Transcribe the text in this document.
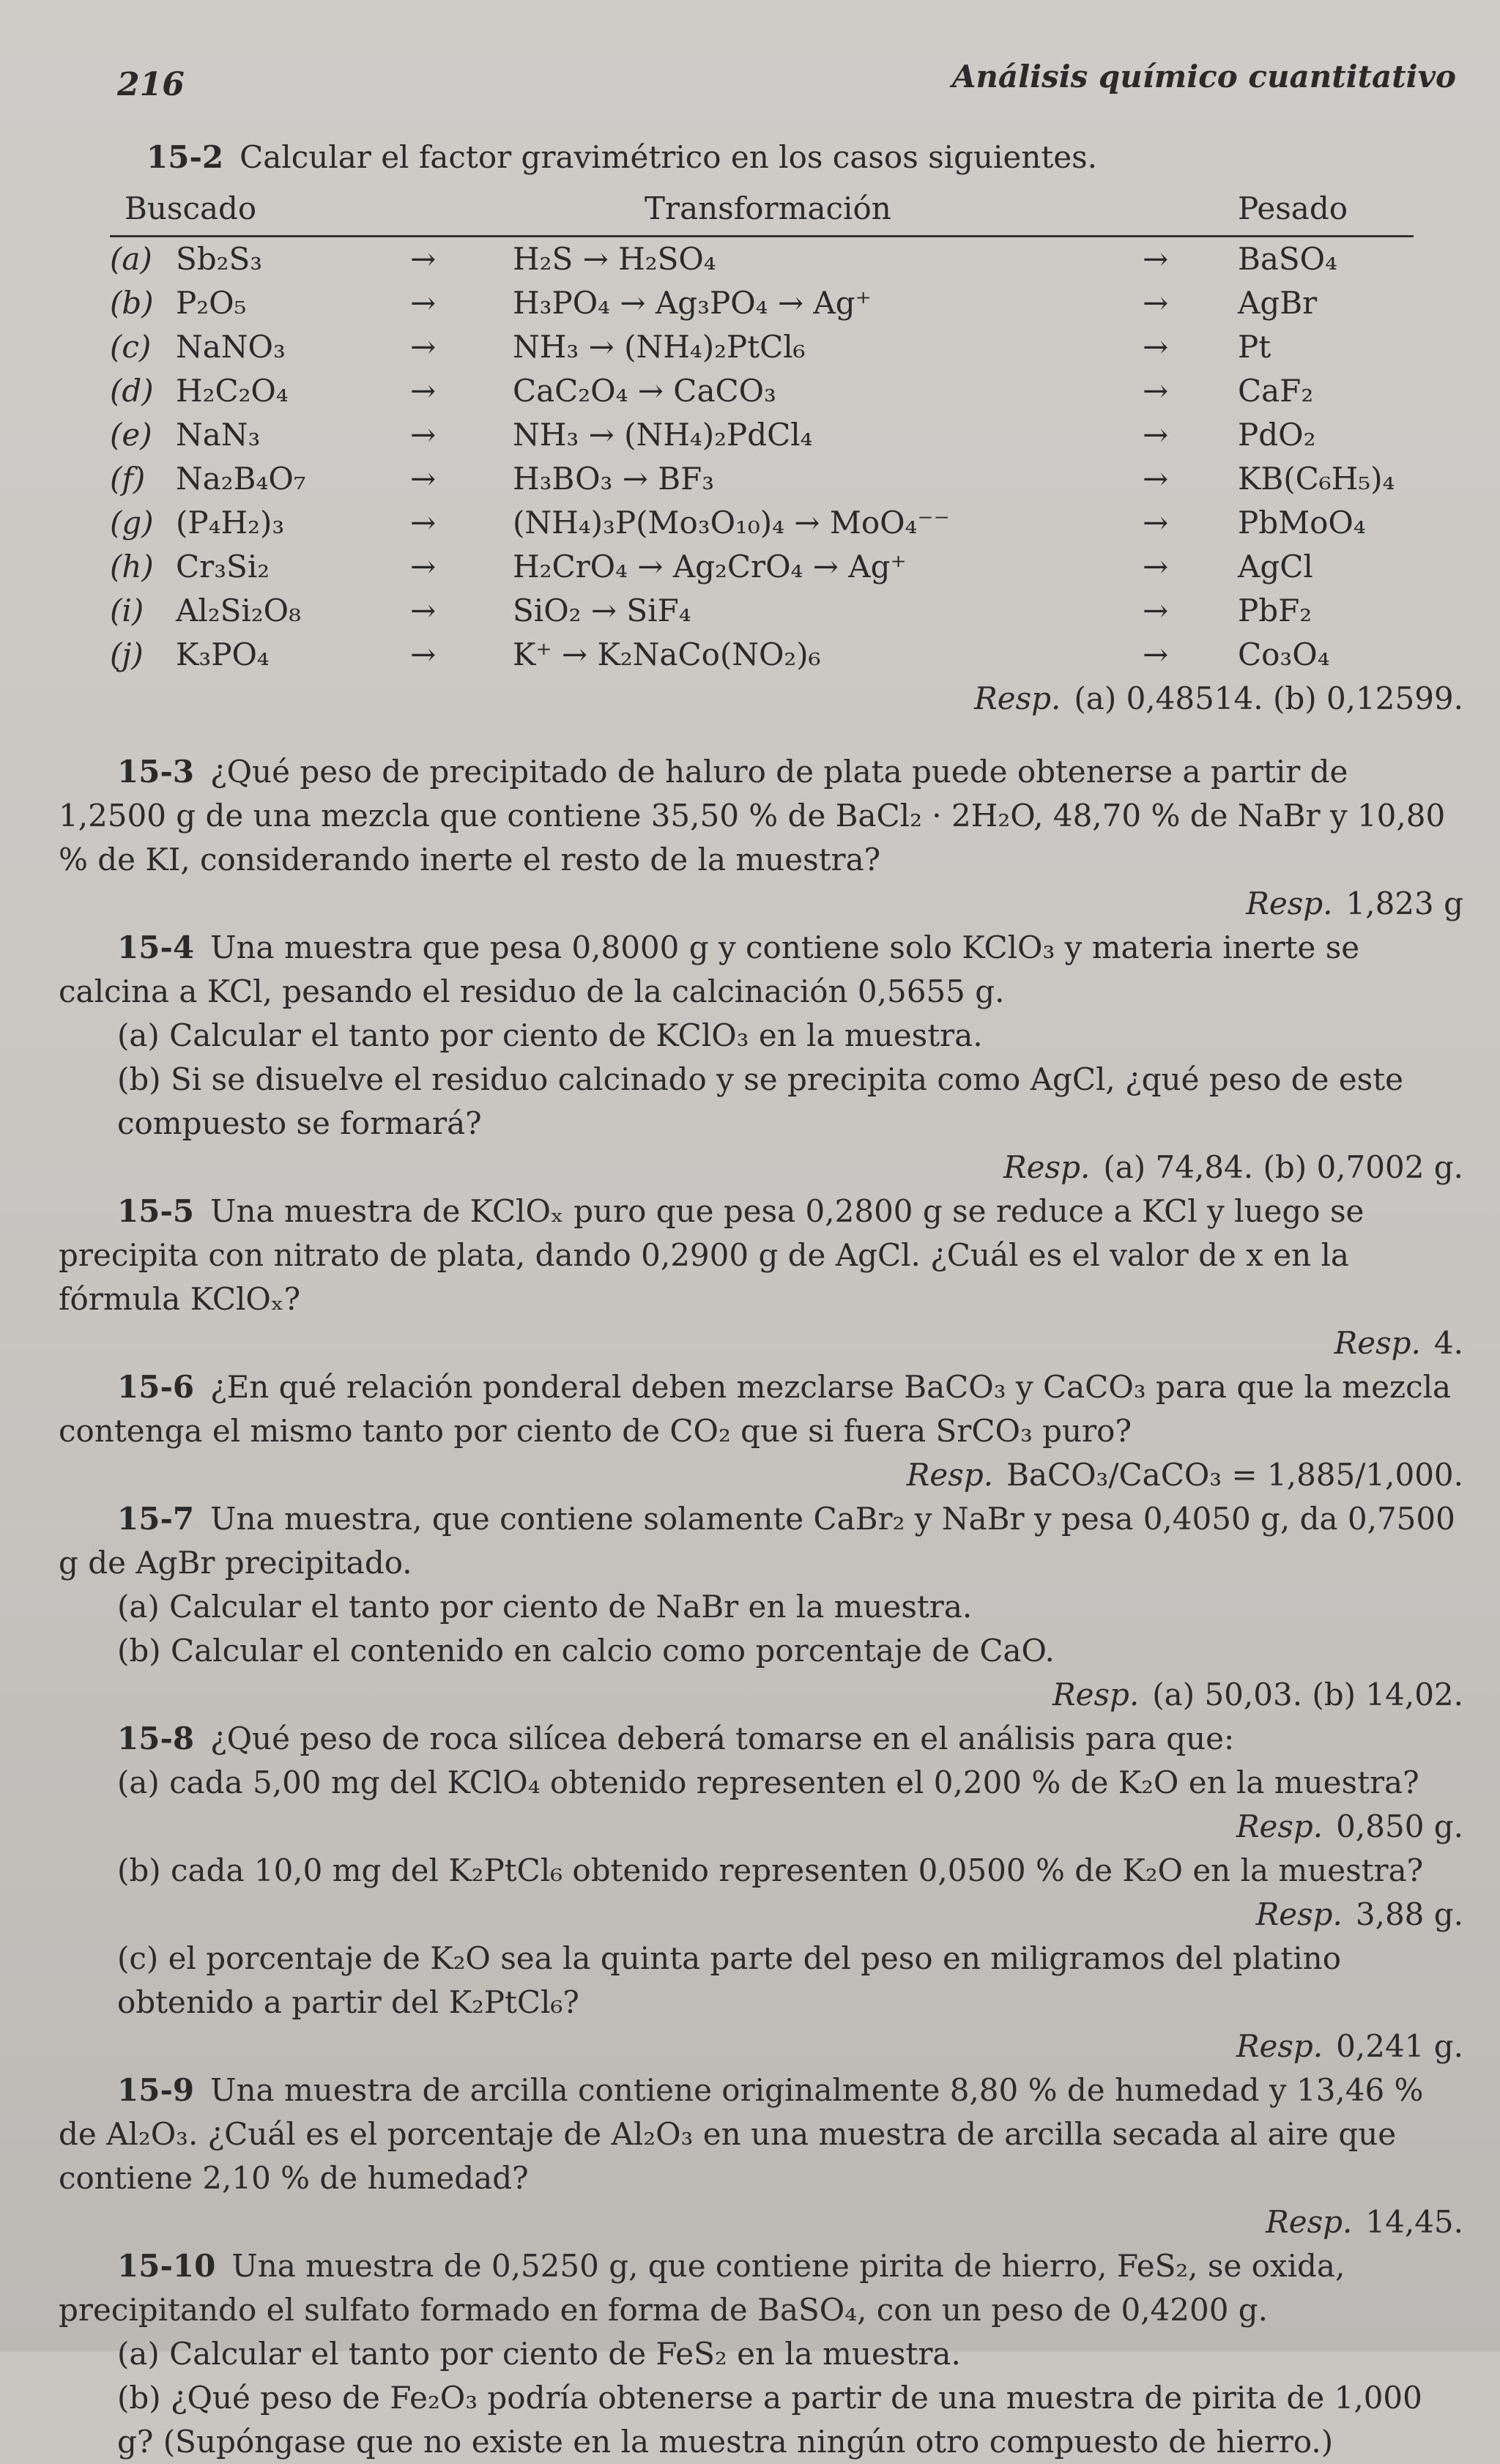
216	Análisis químico cuantitativo
15-2 Calcular el factor gravimétrico en los casos siguientes.
Buscado			Transformación		Pesado
(a)	Sb₂S₃	→	H₂S → H₂SO₄	→	BaSO₄
(b)	P₂O₅	→	H₃PO₄ → Ag₃PO₄ → Ag⁺	→	AgBr
(c)	NaNO₃	→	NH₃ → (NH₄)₂PtCl₆	→	Pt
(d)	H₂C₂O₄	→	CaC₂O₄ → CaCO₃	→	CaF₂
(e)	NaN₃	→	NH₃ → (NH₄)₂PdCl₄	→	PdO₂
(f)	Na₂B₄O₇	→	H₃BO₃ → BF₃	→	KB(C₆H₅)₄
(g)	(P₄H₂)₃	→	(NH₄)₃P(Mo₃O₁₀)₄ → MoO₄⁻⁻	→	PbMoO₄
(h)	Cr₃Si₂	→	H₂CrO₄ → Ag₂CrO₄ → Ag⁺	→	AgCl
(i)	Al₂Si₂O₈	→	SiO₂ → SiF₄	→	PbF₂
(j)	K₃PO₄	→	K⁺ → K₂NaCo(NO₂)₆	→	Co₃O₄
Resp. (a) 0,48514. (b) 0,12599.
15-3 ¿Qué peso de precipitado de haluro de plata puede obtenerse a partir de 1,2500 g de una mezcla que contiene 35,50 % de BaCl₂ · 2H₂O, 48,70 % de NaBr y 10,80 % de KI, considerando inerte el resto de la muestra?
Resp. 1,823 g
15-4 Una muestra que pesa 0,8000 g y contiene solo KClO₃ y materia inerte se calcina a KCl, pesando el residuo de la calcinación 0,5655 g.
(a) Calcular el tanto por ciento de KClO₃ en la muestra.
(b) Si se disuelve el residuo calcinado y se precipita como AgCl, ¿qué peso de este compuesto se formará?
Resp. (a) 74,84. (b) 0,7002 g.
15-5 Una muestra de KClOₓ puro que pesa 0,2800 g se reduce a KCl y luego se precipita con nitrato de plata, dando 0,2900 g de AgCl. ¿Cuál es el valor de x en la fórmula KClOₓ?
Resp. 4.
15-6 ¿En qué relación ponderal deben mezclarse BaCO₃ y CaCO₃ para que la mezcla contenga el mismo tanto por ciento de CO₂ que si fuera SrCO₃ puro?
Resp. BaCO₃/CaCO₃ = 1,885/1,000.
15-7 Una muestra, que contiene solamente CaBr₂ y NaBr y pesa 0,4050 g, da 0,7500 g de AgBr precipitado.
(a) Calcular el tanto por ciento de NaBr en la muestra.
(b) Calcular el contenido en calcio como porcentaje de CaO.
Resp. (a) 50,03. (b) 14,02.
15-8 ¿Qué peso de roca silícea deberá tomarse en el análisis para que:
(a) cada 5,00 mg del KClO₄ obtenido representen el 0,200 % de K₂O en la muestra?
Resp. 0,850 g.
(b) cada 10,0 mg del K₂PtCl₆ obtenido representen 0,0500 % de K₂O en la muestra?
Resp. 3,88 g.
(c) el porcentaje de K₂O sea la quinta parte del peso en miligramos del platino obtenido a partir del K₂PtCl₆?
Resp. 0,241 g.
15-9 Una muestra de arcilla contiene originalmente 8,80 % de humedad y 13,46 % de Al₂O₃. ¿Cuál es el porcentaje de Al₂O₃ en una muestra de arcilla secada al aire que contiene 2,10 % de humedad?
Resp. 14,45.
15-10 Una muestra de 0,5250 g, que contiene pirita de hierro, FeS₂, se oxida, precipitando el sulfato formado en forma de BaSO₄, con un peso de 0,4200 g.
(a) Calcular el tanto por ciento de FeS₂ en la muestra.
(b) ¿Qué peso de Fe₂O₃ podría obtenerse a partir de una muestra de pirita de 1,000 g? (Supóngase que no existe en la muestra ningún otro compuesto de hierro.)
